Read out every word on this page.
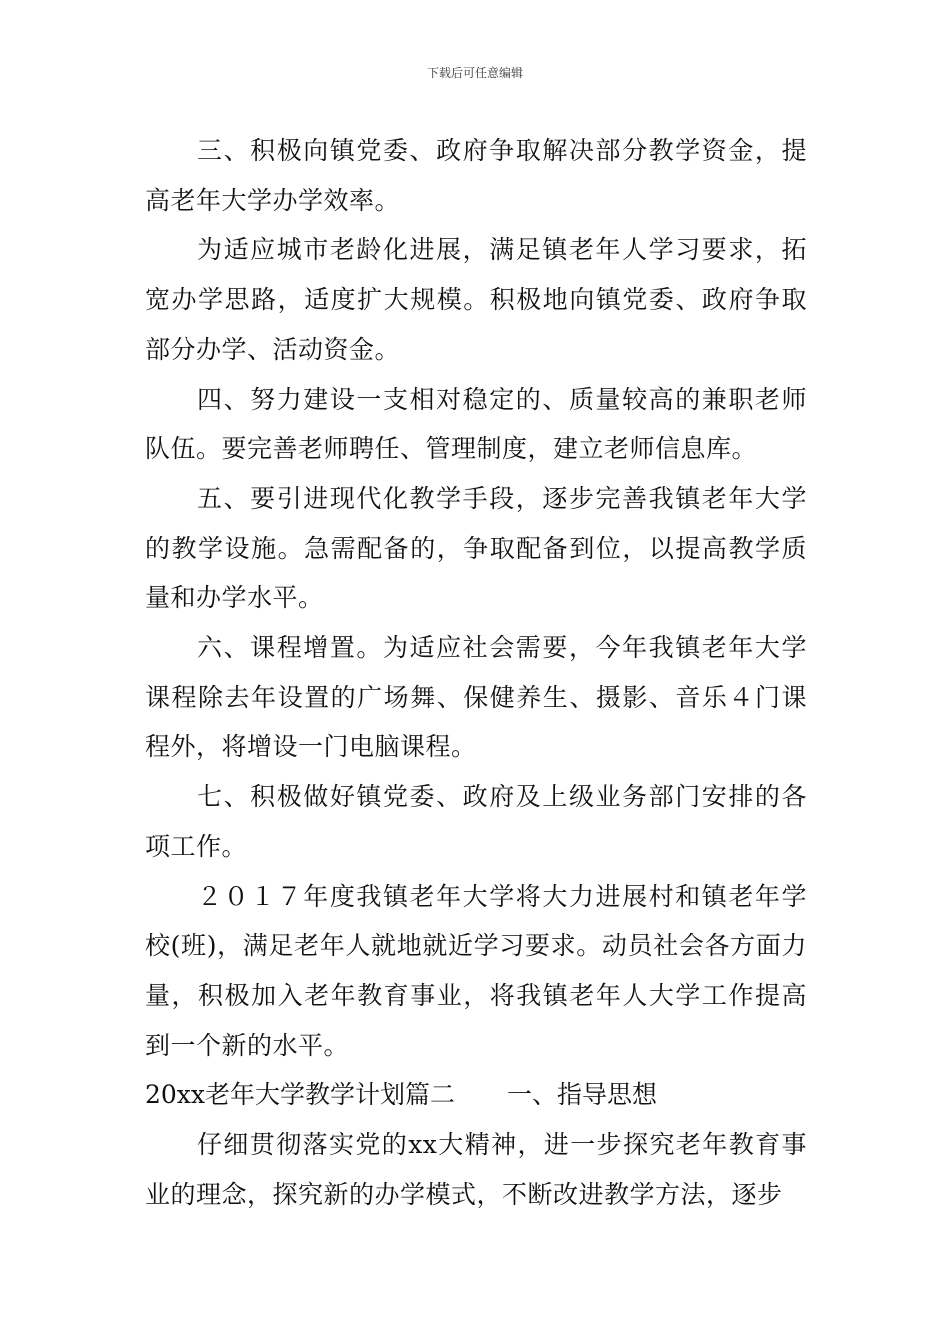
下载后可任意编辑

三、积极向镇党委、政府争取解决部分教学资金，提高老年大学办学效率。

为适应城市老龄化进展，满足镇老年人学习要求，拓宽办学思路，适度扩大规模。积极地向镇党委、政府争取部分办学、活动资金。

四、努力建设一支相对稳定的、质量较高的兼职老师队伍。要完善老师聘任、管理制度，建立老师信息库。

五、要引进现代化教学手段，逐步完善我镇老年大学的教学设施。急需配备的，争取配备到位，以提高教学质量和办学水平。

六、课程增置。为适应社会需要，今年我镇老年大学课程除去年设置的广场舞、保健养生、摄影、音乐４门课程外，将增设一门电脑课程。

七、积极做好镇党委、政府及上级业务部门安排的各项工作。

２０１７年度我镇老年大学将大力进展村和镇老年学校(班)，满足老年人就地就近学习要求。动员社会各方面力量，积极加入老年教育事业，将我镇老年人大学工作提高到一个新的水平。

20xx老年大学教学计划篇二 一、指导思想

仔细贯彻落实党的xx大精神，进一步探究老年教育事业的理念，探究新的办学模式，不断改进教学方法，逐步
